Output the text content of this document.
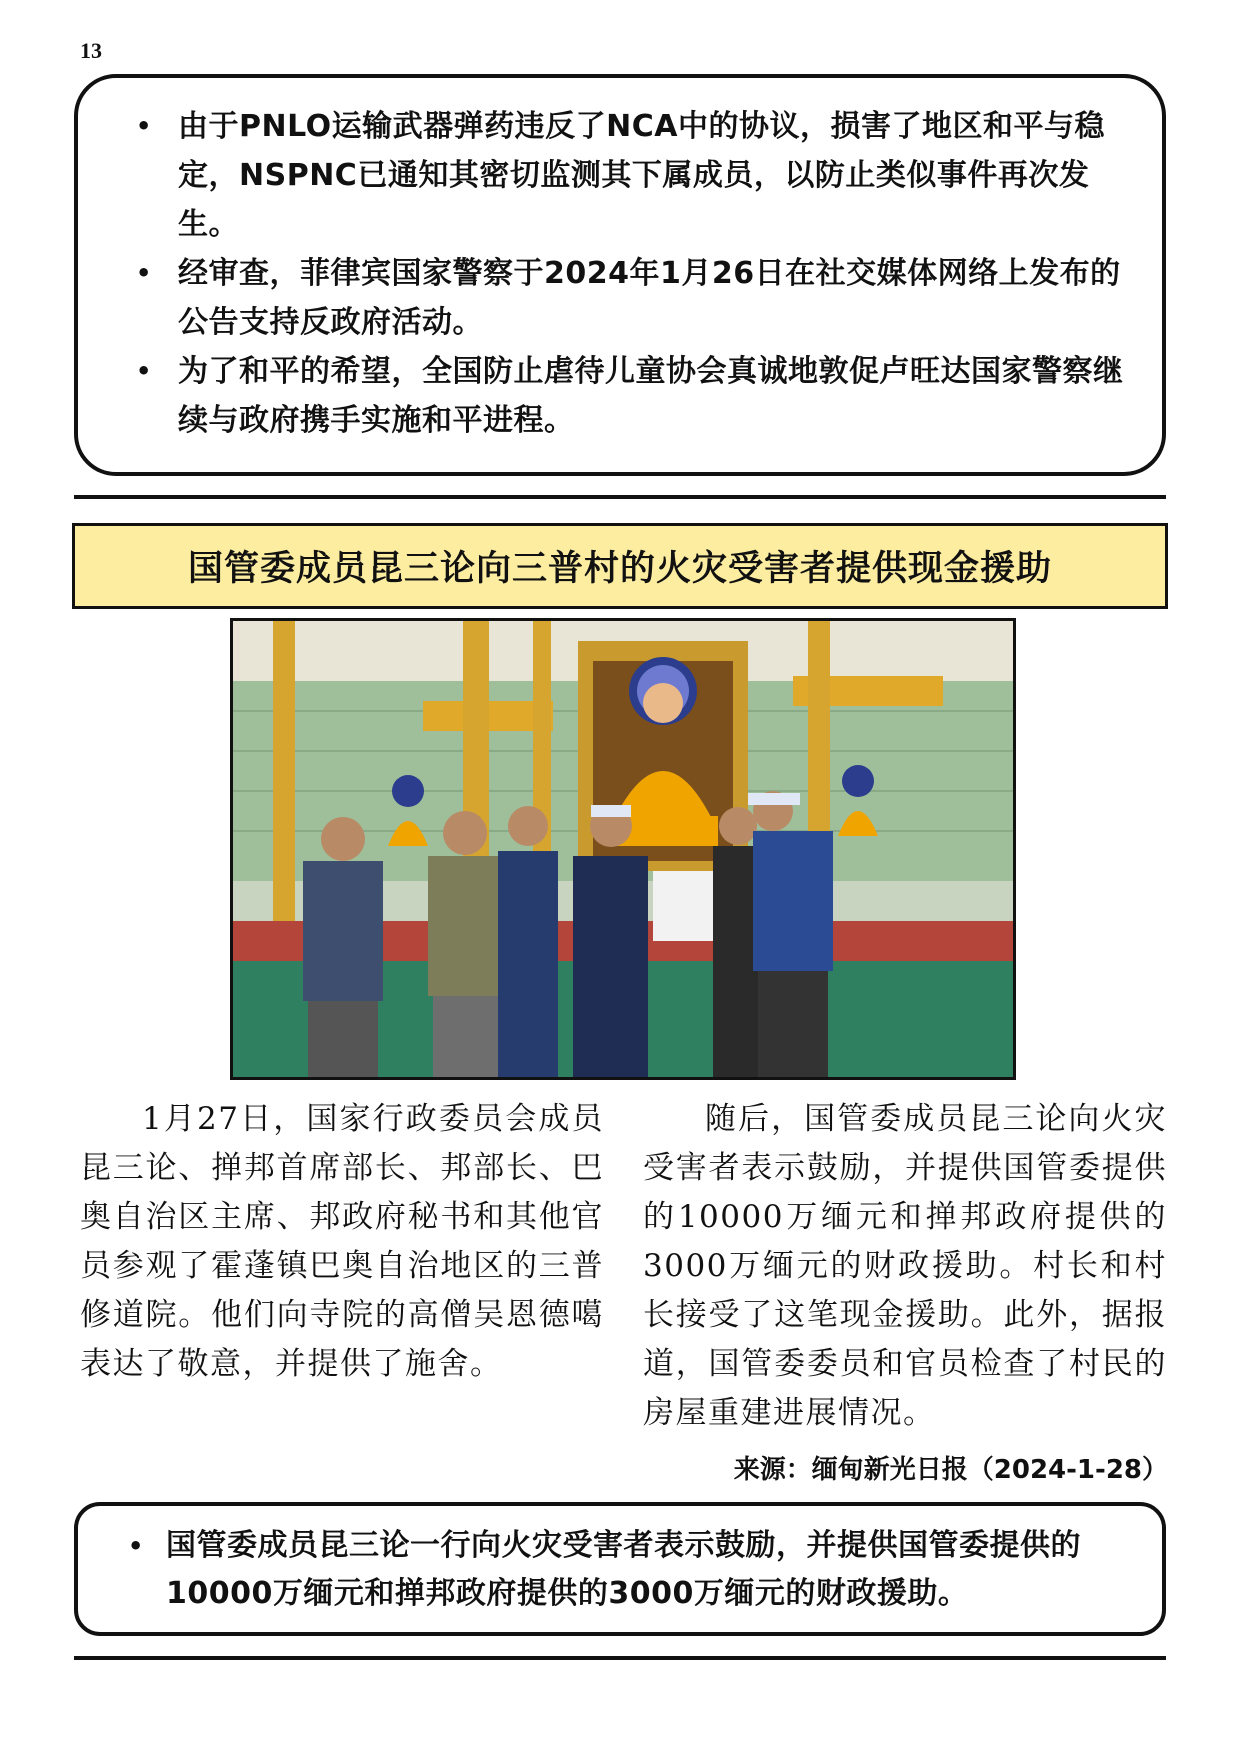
13
• 由于PNLO运输武器弹药违反了NCA中的协议，损害了地区和平与稳定，NSPNC已通知其密切监测其下属成员，以防止类似事件再次发生。
• 经审查，菲律宾国家警察于2024年1月26日在社交媒体网络上发布的公告支持反政府活动。
• 为了和平的希望，全国防止虐待儿童协会真诚地敦促卢旺达国家警察继续与政府携手实施和平进程。
国管委成员昆三论向三普村的火灾受害者提供现金援助
1月27日，国家行政委员会成员昆三论、掸邦首席部长、邦部长、巴奥自治区主席、邦政府秘书和其他官员参观了霍蓬镇巴奥自治地区的三普修道院。他们向寺院的高僧吴恩德噶表达了敬意，并提供了施舍。
随后，国管委成员昆三论向火灾受害者表示鼓励，并提供国管委提供的10000万缅元和掸邦政府提供的3000万缅元的财政援助。村长和村长接受了这笔现金援助。此外，据报道，国管委委员和官员检查了村民的房屋重建进展情况。
来源：缅甸新光日报（2024-1-28）
• 国管委成员昆三论一行向火灾受害者表示鼓励，并提供国管委提供的10000万缅元和掸邦政府提供的3000万缅元的财政援助。
